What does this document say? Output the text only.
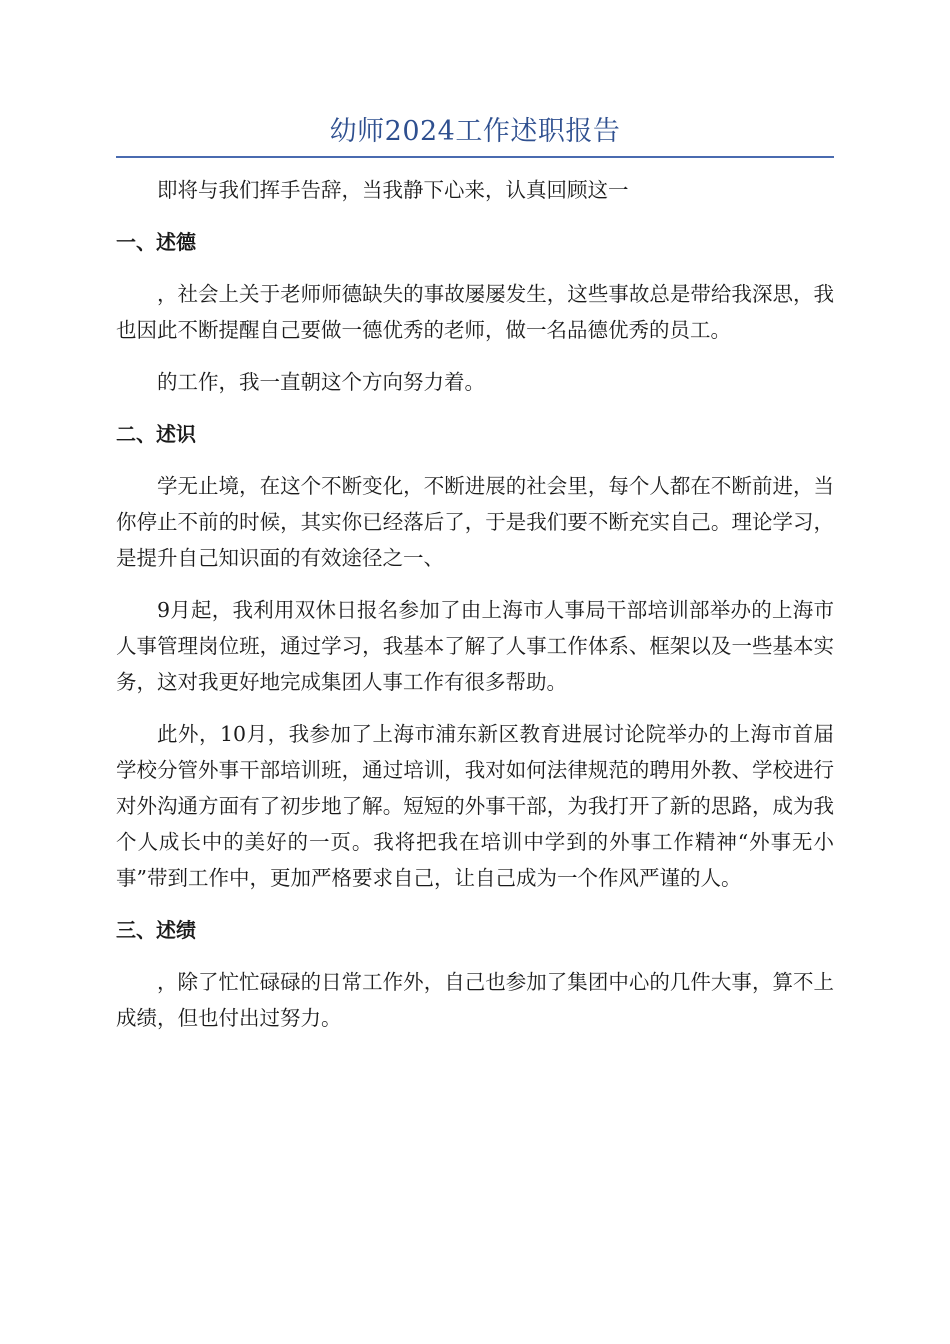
幼师2024工作述职报告

即将与我们挥手告辞，当我静下心来，认真回顾这一

一、述德

，社会上关于老师师德缺失的事故屡屡发生，这些事故总是带给我深思，我也因此不断提醒自己要做一德优秀的老师，做一名品德优秀的员工。

的工作，我一直朝这个方向努力着。

二、述识

学无止境，在这个不断变化，不断进展的社会里，每个人都在不断前进，当你停止不前的时候，其实你已经落后了，于是我们要不断充实自己。理论学习，是提升自己知识面的有效途径之一、

9月起，我利用双休日报名参加了由上海市人事局干部培训部举办的上海市人事管理岗位班，通过学习，我基本了解了人事工作体系、框架以及一些基本实务，这对我更好地完成集团人事工作有很多帮助。

此外，10月，我参加了上海市浦东新区教育进展讨论院举办的上海市首届学校分管外事干部培训班，通过培训，我对如何法律规范的聘用外教、学校进行对外沟通方面有了初步地了解。短短的外事干部，为我打开了新的思路，成为我个人成长中的美好的一页。我将把我在培训中学到的外事工作精神“外事无小事”带到工作中，更加严格要求自己，让自己成为一个作风严谨的人。

三、述绩

，除了忙忙碌碌的日常工作外，自己也参加了集团中心的几件大事，算不上成绩，但也付出过努力。
